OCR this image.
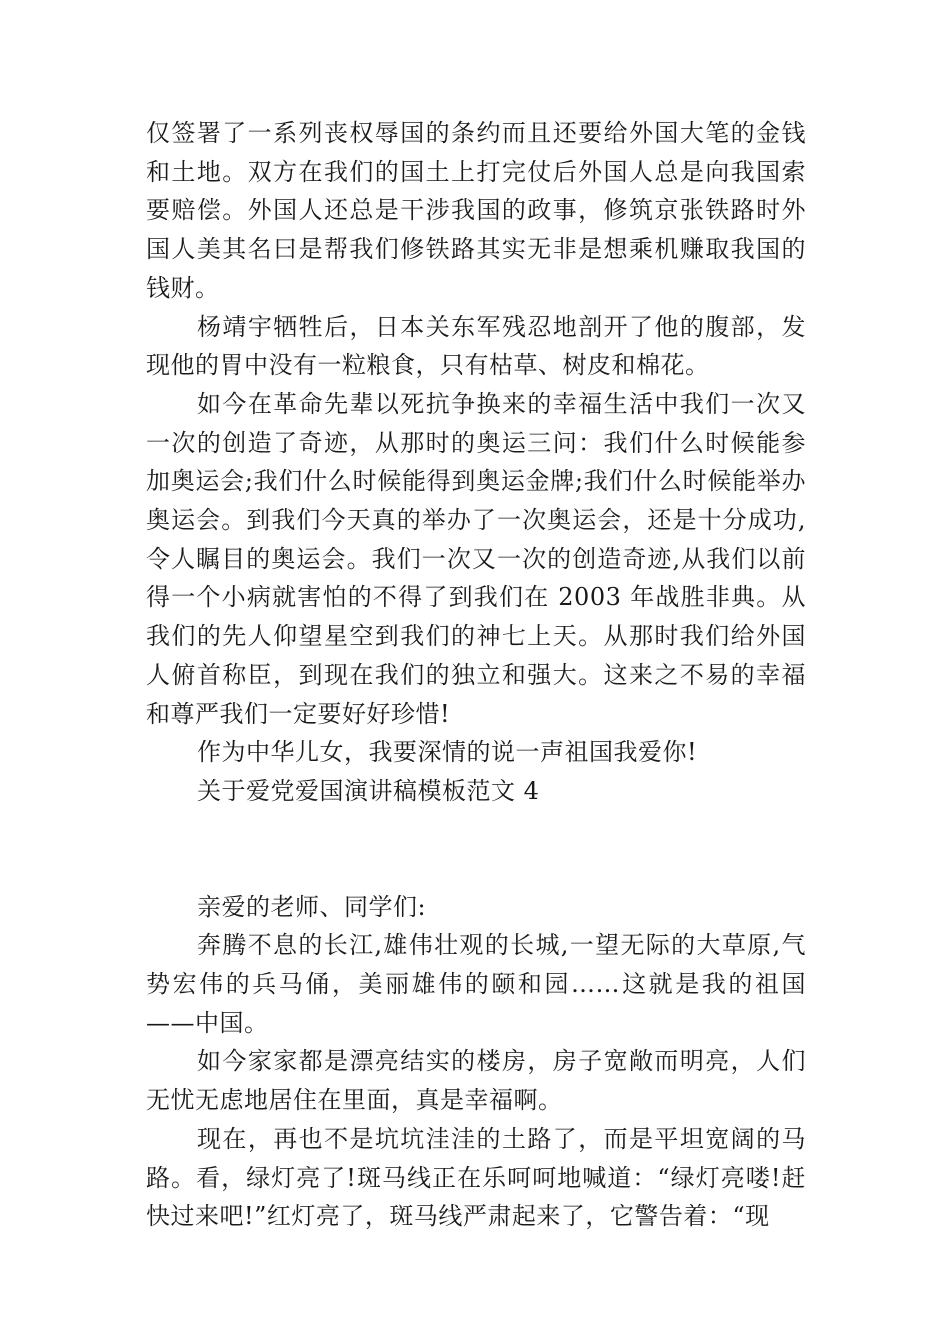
仅签署了一系列丧权辱国的条约而且还要给外国大笔的金钱和土地。双方在我们的国土上打完仗后外国人总是向我国索要赔偿。外国人还总是干涉我国的政事，修筑京张铁路时外国人美其名曰是帮我们修铁路其实无非是想乘机赚取我国的钱财。

杨靖宇牺牲后，日本关东军残忍地剖开了他的腹部，发现他的胃中没有一粒粮食，只有枯草、树皮和棉花。

如今在革命先辈以死抗争换来的幸福生活中我们一次又一次的创造了奇迹，从那时的奥运三问：我们什么时候能参加奥运会;我们什么时候能得到奥运金牌;我们什么时候能举办奥运会。到我们今天真的举办了一次奥运会，还是十分成功,令人瞩目的奥运会。我们一次又一次的创造奇迹,从我们以前得一个小病就害怕的不得了到我们在 2003 年战胜非典。从我们的先人仰望星空到我们的神七上天。从那时我们给外国人俯首称臣，到现在我们的独立和强大。这来之不易的幸福和尊严我们一定要好好珍惜!

作为中华儿女，我要深情的说一声祖国我爱你!

关于爱党爱国演讲稿模板范文 4

亲爱的老师、同学们:

奔腾不息的长江,雄伟壮观的长城,一望无际的大草原,气势宏伟的兵马俑，美丽雄伟的颐和园……这就是我的祖国——中国。

如今家家都是漂亮结实的楼房，房子宽敞而明亮，人们无忧无虑地居住在里面，真是幸福啊。

现在，再也不是坑坑洼洼的土路了，而是平坦宽阔的马路。看，绿灯亮了!斑马线正在乐呵呵地喊道：“绿灯亮喽!赶快过来吧!”红灯亮了，斑马线严肃起来了，它警告着：“现
